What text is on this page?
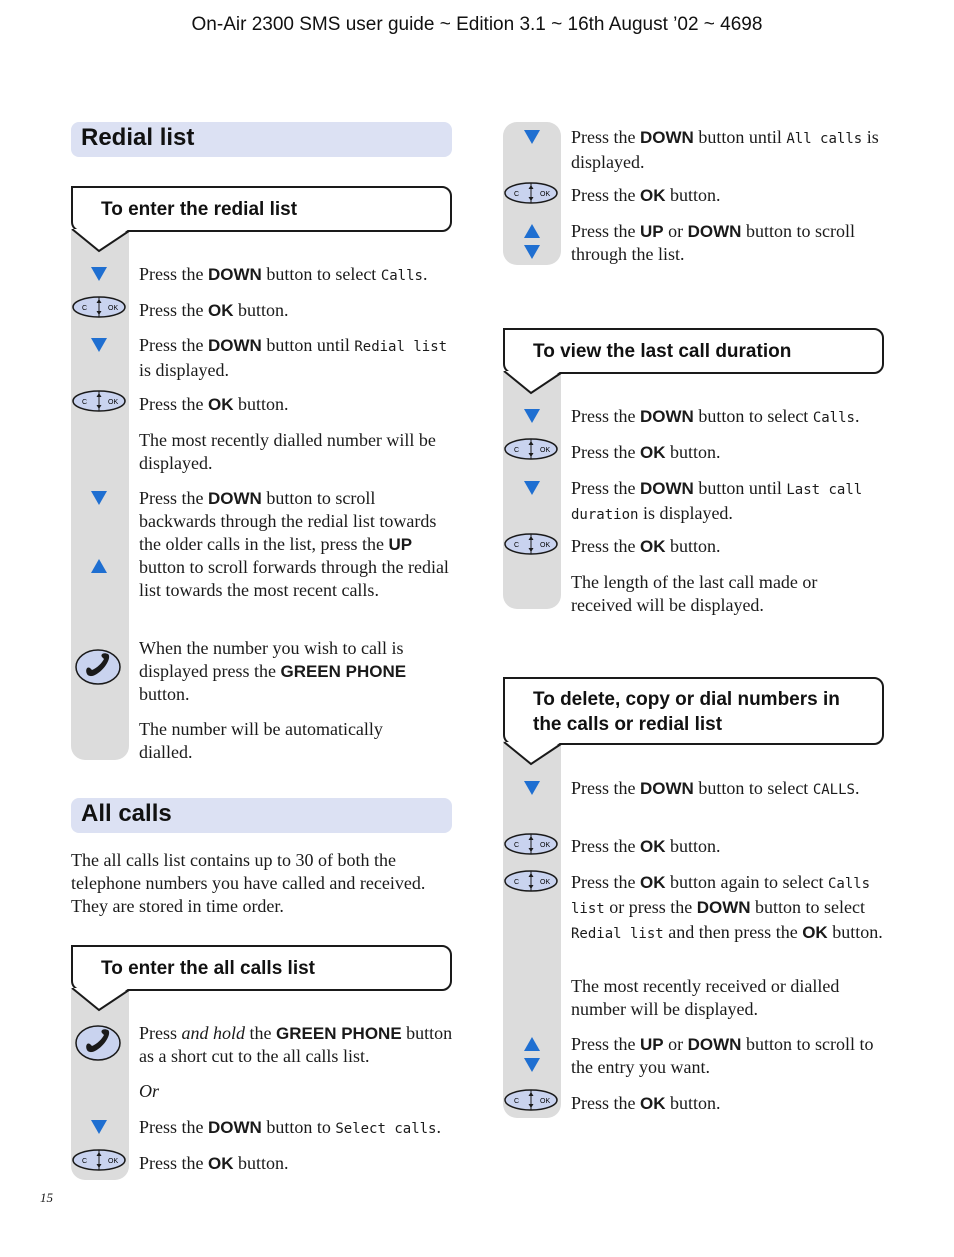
On-Air 2300 SMS user guide ~ Edition 3.1 ~ 16th August ’02 ~ 4698
Redial list
To enter the redial list
Press the DOWN button to select Calls.
C	OK Press the OK button.
Press the DOWN button until Redial list is displayed.
C	OK Press the OK button.
The most recently dialled number will be displayed.
Press the DOWN button to scroll backwards through the redial list towards the older calls in the list, press the UP button to scroll forwards through the redial list towards the most recent calls.
When the number you wish to call is displayed press the GREEN PHONE button.
The number will be automatically dialled.
All calls
The all calls list contains up to 30 of both the telephone numbers you have called and received. They are stored in time order.
To enter the all calls list
Press and hold the GREEN PHONE button as a short cut to the all calls list.
Or
Press the DOWN button to Select calls.
C	OK Press the OK button.
Press the DOWN button until All calls is displayed.
C	OK Press the OK button.
Press the UP or DOWN button to scroll through the list.
To view the last call duration
Press the DOWN button to select Calls.
C	OK Press the OK button.
Press the DOWN button until Last call duration is displayed.
C	OK Press the OK button.
The length of the last call made or received will be displayed.
To delete, copy or dial numbers in
the calls or redial list
Press the DOWN button to select CALLS.
C	OK Press the OK button.
C	OK Press the OK button again to select Calls list or press the DOWN button to select Redial list and then press the OK button.
The most recently received or dialled number will be displayed.
Press the UP or DOWN button to scroll to the entry you want.
C	OK Press the OK button.
15
